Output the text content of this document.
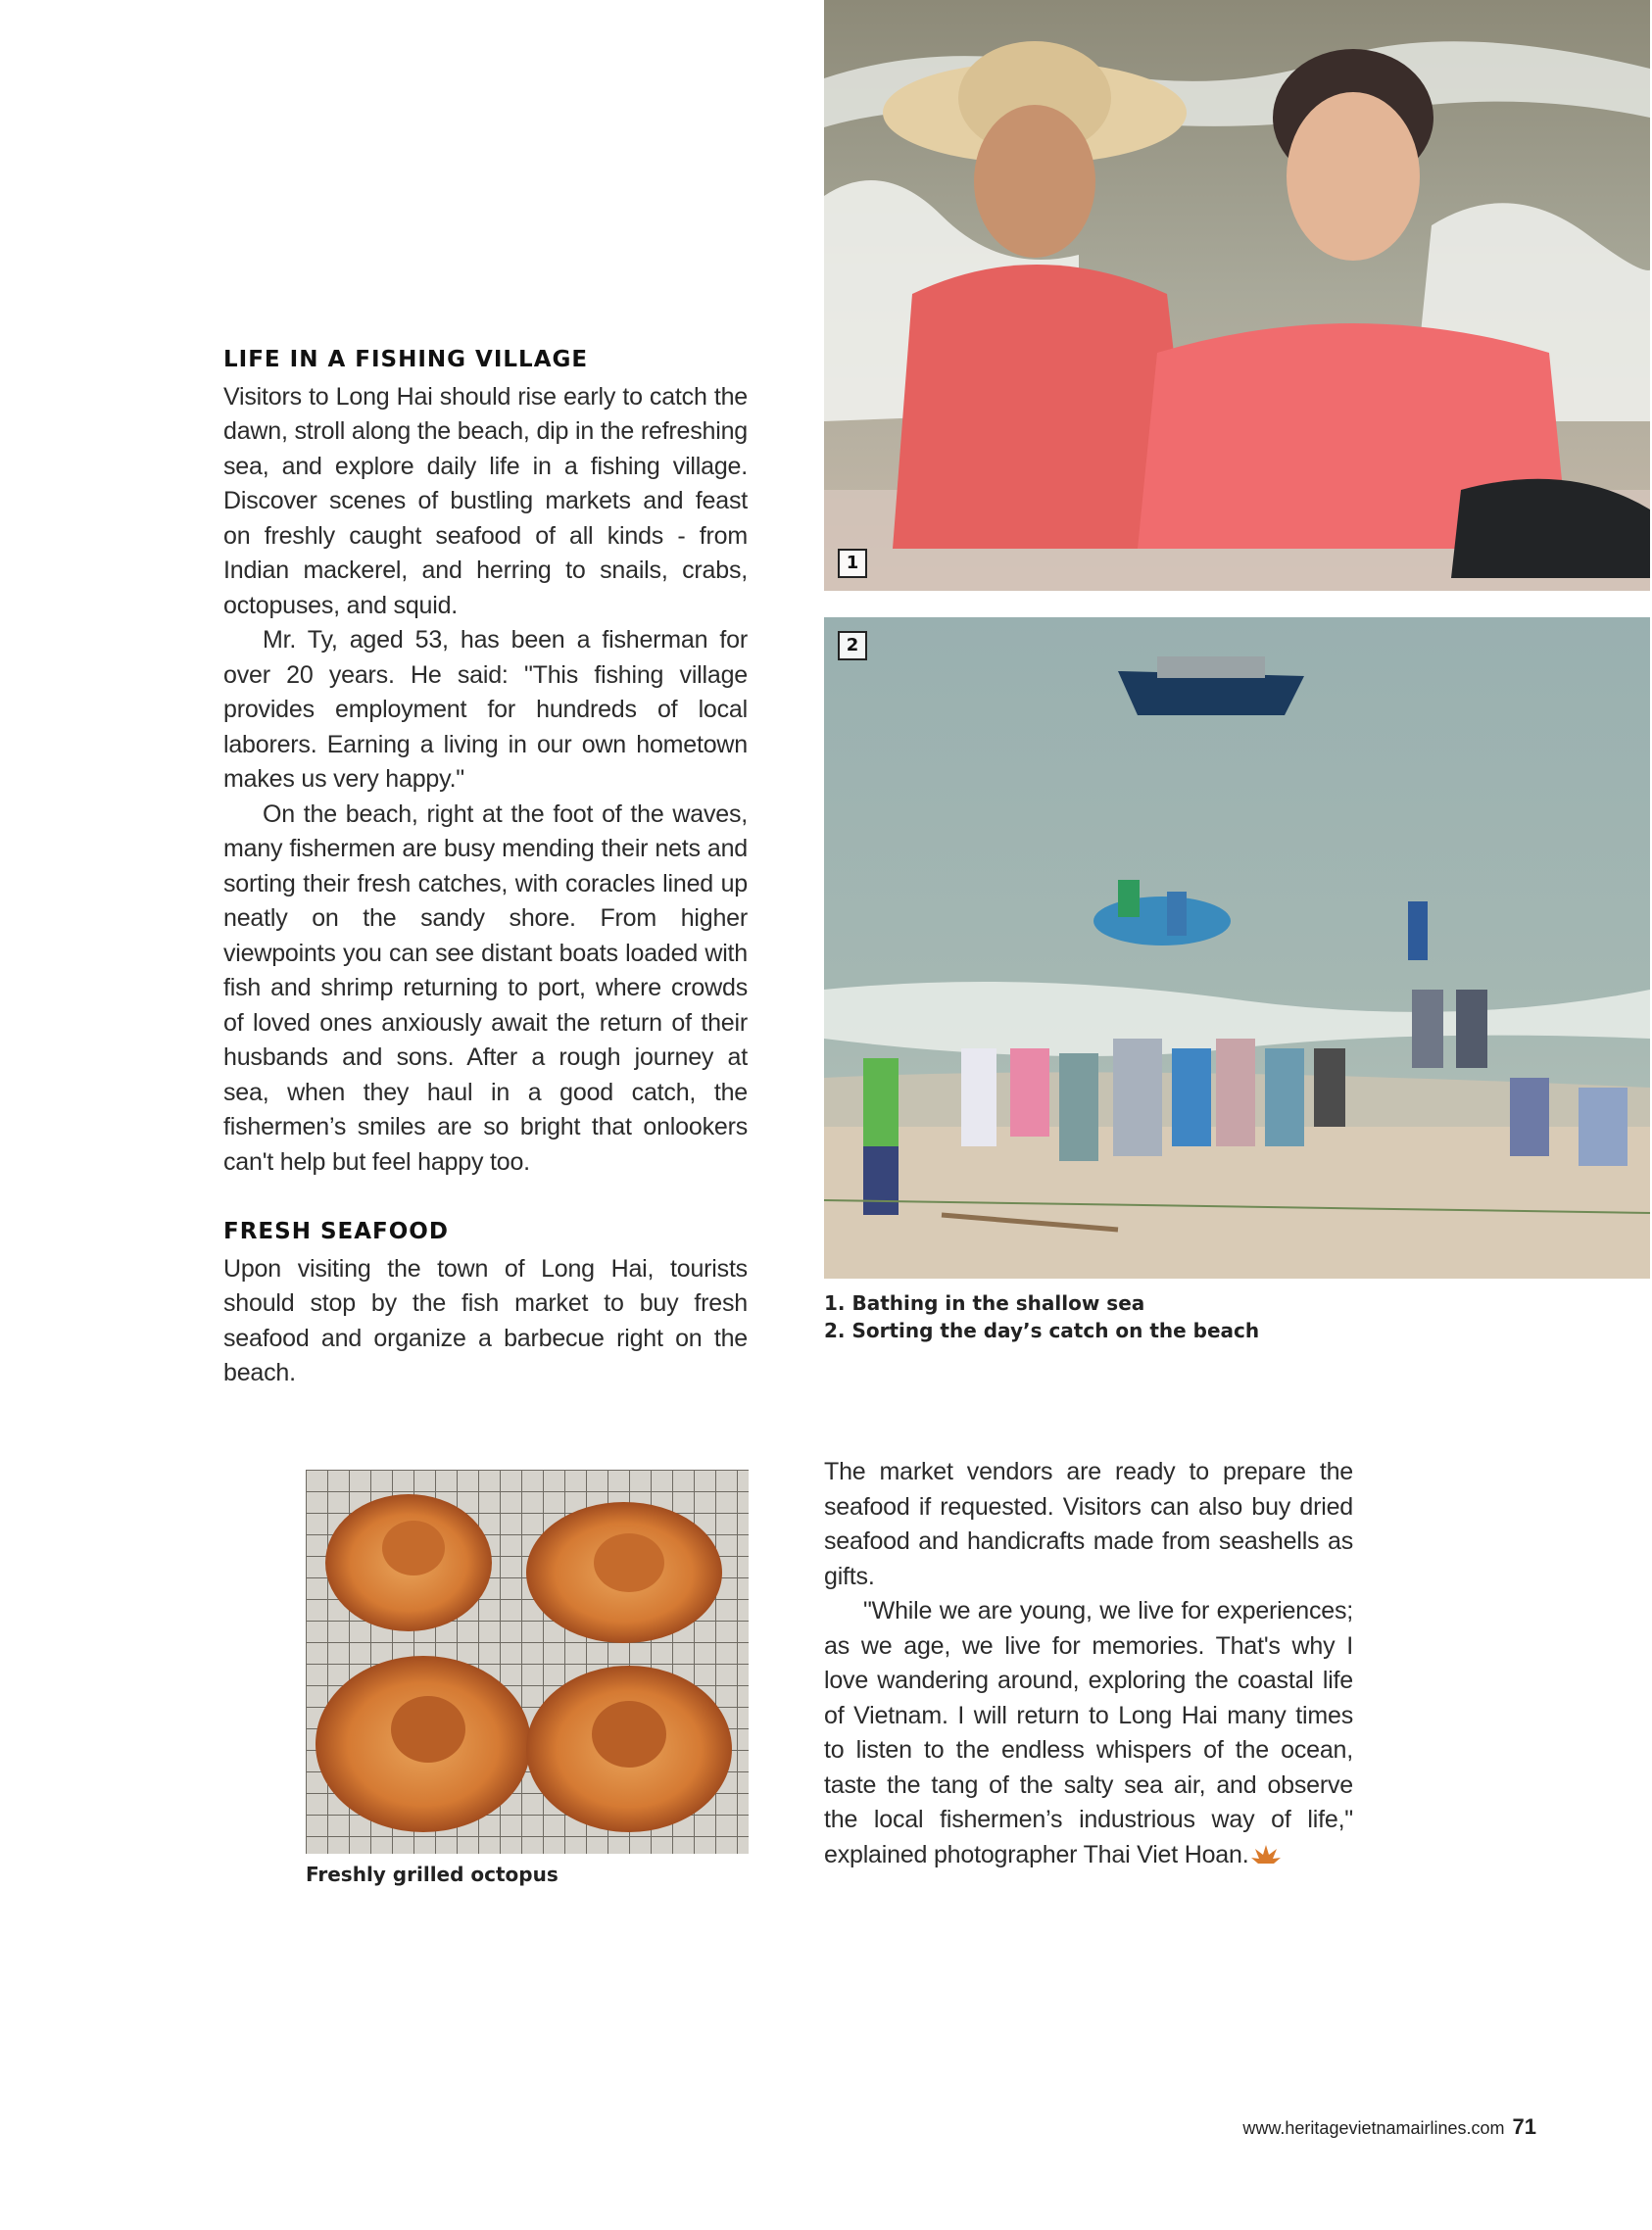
LIFE IN A FISHING VILLAGE

Visitors to Long Hai should rise early to catch the dawn, stroll along the beach, dip in the refreshing sea, and explore daily life in a fishing village. Discover scenes of bustling markets and feast on freshly caught seafood of all kinds - from Indian mackerel, and herring to snails, crabs, octopuses, and squid.

Mr. Ty, aged 53, has been a fisherman for over 20 years. He said: "This fishing village provides employment for hundreds of local laborers. Earning a living in our own hometown makes us very happy."

On the beach, right at the foot of the waves, many fishermen are busy mending their nets and sorting their fresh catches, with coracles lined up neatly on the sandy shore. From higher viewpoints you can see distant boats loaded with fish and shrimp returning to port, where crowds of loved ones anxiously await the return of their husbands and sons. After a rough journey at sea, when they haul in a good catch, the fishermen’s smiles are so bright that onlookers can't help but feel happy too.

FRESH SEAFOOD

Upon visiting the town of Long Hai, tourists should stop by the fish market to buy fresh seafood and organize a barbecue right on the beach.

1
2
1. Bathing in the shallow sea
2. Sorting the day’s catch on the beach
Freshly grilled octopus

The market vendors are ready to prepare the seafood if requested. Visitors can also buy dried seafood and handicrafts made from seashells as gifts.

"While we are young, we live for experiences; as we age, we live for memories. That's why I love wandering around, exploring the coastal life of Vietnam. I will return to Long Hai many times to listen to the endless whispers of the ocean, taste the tang of the salty sea air, and observe the local fishermen’s industrious way of life," explained photographer Thai Viet Hoan.

www.heritagevietnamairlines.com 71
